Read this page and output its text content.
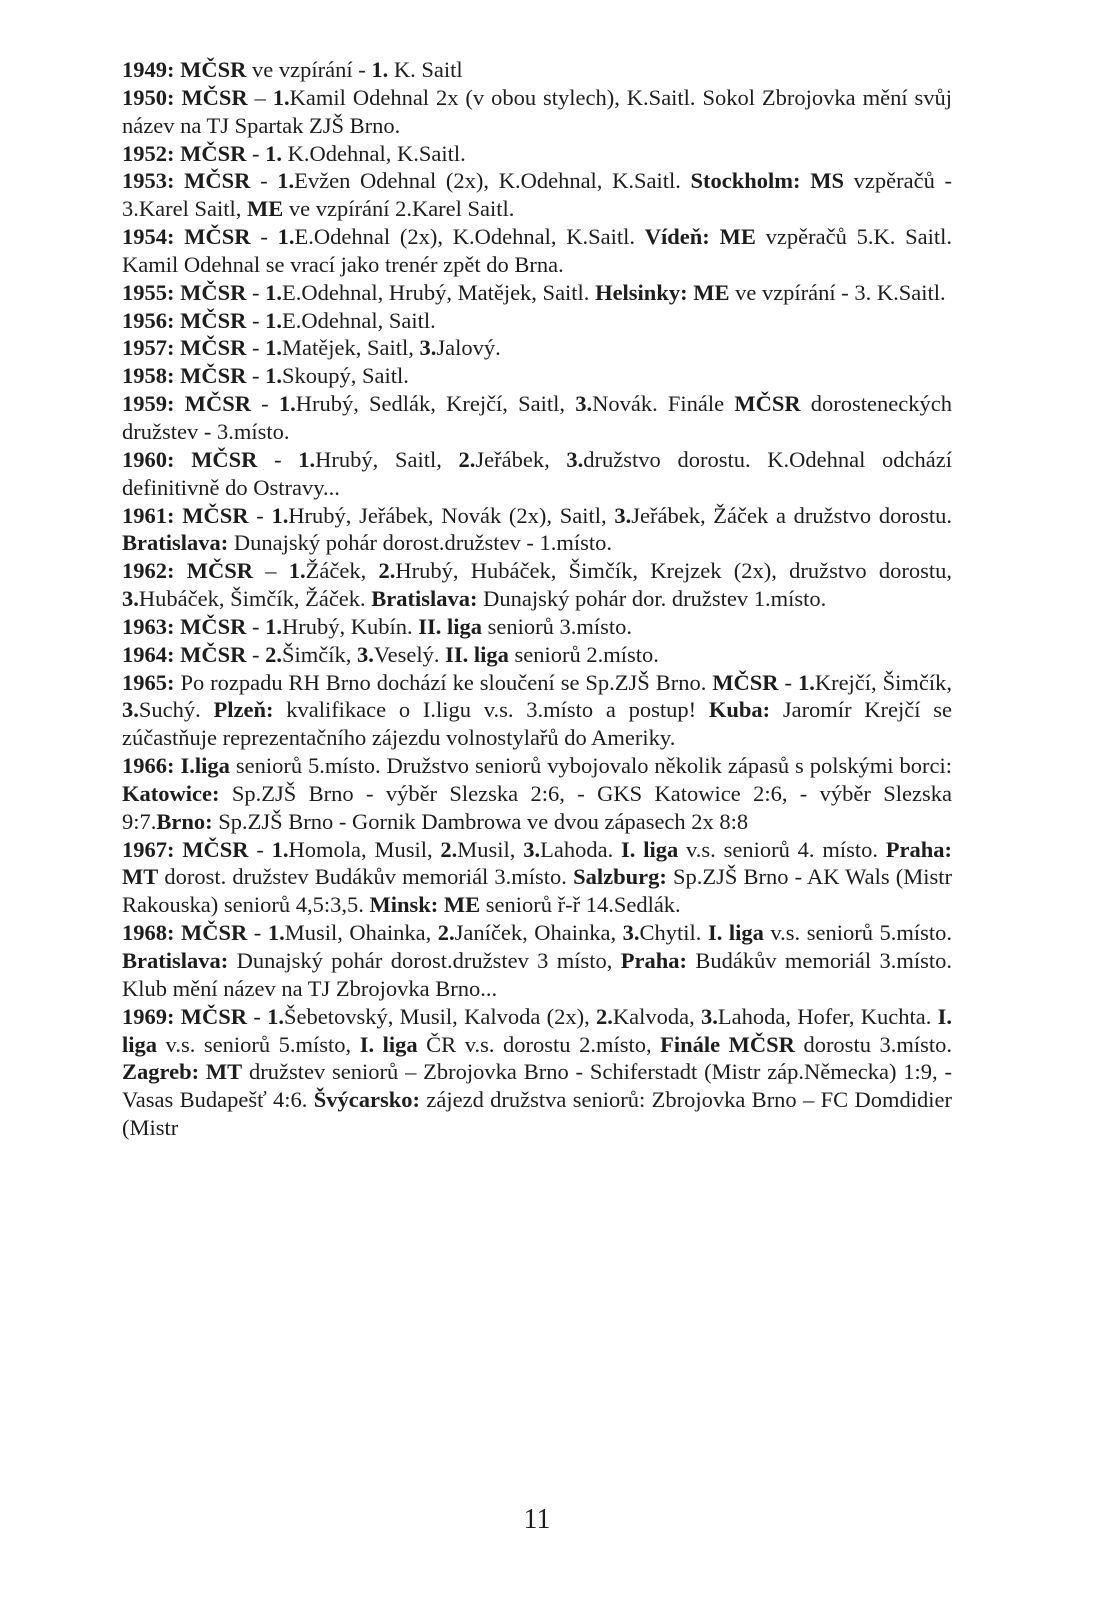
1949: MČSR ve vzpírání - 1. K. Saitl

1950: MČSR – 1.Kamil Odehnal 2x (v obou stylech), K.Saitl. Sokol Zbrojovka mění svůj název na TJ Spartak ZJŠ Brno.

1952: MČSR - 1. K.Odehnal, K.Saitl.

1953: MČSR - 1.Evžen Odehnal (2x), K.Odehnal, K.Saitl. Stockholm: MS vzpěračů - 3.Karel Saitl, ME ve vzpírání 2.Karel Saitl.

1954: MČSR - 1.E.Odehnal (2x), K.Odehnal, K.Saitl. Vídeň: ME vzpěračů 5.K. Saitl. Kamil Odehnal se vrací jako trenér zpět do Brna.

1955: MČSR - 1.E.Odehnal, Hrubý, Matějek, Saitl. Helsinky: ME ve vzpírání - 3. K.Saitl.

1956: MČSR - 1.E.Odehnal, Saitl.

1957: MČSR - 1.Matějek, Saitl, 3.Jalový.

1958: MČSR - 1.Skoupý, Saitl.

1959: MČSR - 1.Hrubý, Sedlák, Krejčí, Saitl, 3.Novák. Finále MČSR dorosteneckých družstev - 3.místo.

1960: MČSR - 1.Hrubý, Saitl, 2.Jeřábek, 3.družstvo dorostu. K.Odehnal odchází definitivně do Ostravy...

1961: MČSR - 1.Hrubý, Jeřábek, Novák (2x), Saitl, 3.Jeřábek, Žáček a družstvo dorostu. Bratislava: Dunajský pohár dorost.družstev - 1.místo.

1962: MČSR – 1.Žáček, 2.Hrubý, Hubáček, Šimčík, Krejzek (2x), družstvo dorostu, 3.Hubáček, Šimčík, Žáček. Bratislava: Dunajský pohár dor. družstev 1.místo.

1963: MČSR - 1.Hrubý, Kubín. II. liga seniorů 3.místo.

1964: MČSR - 2.Šimčík, 3.Veselý. II. liga seniorů 2.místo.

1965: Po rozpadu RH Brno dochází ke sloučení se Sp.ZJŠ Brno. MČSR - 1.Krejčí, Šimčík, 3.Suchý. Plzeň: kvalifikace o I.ligu v.s. 3.místo a postup! Kuba: Jaromír Krejčí se zúčastňuje reprezentačního zájezdu volnostylařů do Ameriky.

1966: I.liga seniorů 5.místo. Družstvo seniorů vybojovalo několik zápasů s polskými borci: Katowice: Sp.ZJŠ Brno - výběr Slezska 2:6, - GKS Katowice 2:6, - výběr Slezska 9:7.Brno: Sp.ZJŠ Brno - Gornik Dambrowa ve dvou zápasech 2x 8:8

1967: MČSR - 1.Homola, Musil, 2.Musil, 3.Lahoda. I. liga v.s. seniorů 4. místo. Praha: MT dorost. družstev Budákův memoriál 3.místo. Salzburg: Sp.ZJŠ Brno - AK Wals (Mistr Rakouska) seniorů 4,5:3,5. Minsk: ME seniorů ř-ř 14.Sedlák.

1968: MČSR - 1.Musil, Ohainka, 2.Janíček, Ohainka, 3.Chytil. I. liga v.s. seniorů 5.místo. Bratislava: Dunajský pohár dorost.družstev 3 místo, Praha: Budákův memoriál 3.místo. Klub mění název na TJ Zbrojovka Brno...

1969: MČSR - 1.Šebetovský, Musil, Kalvoda (2x), 2.Kalvoda, 3.Lahoda, Hofer, Kuchta. I. liga v.s. seniorů 5.místo, I. liga ČR v.s. dorostu 2.místo, Finále MČSR dorostu 3.místo. Zagreb: MT družstev seniorů – Zbrojovka Brno - Schiferstadt (Mistr záp.Německa) 1:9, - Vasas Budapešť 4:6. Švýcarsko: zájezd družstva seniorů: Zbrojovka Brno – FC Domdidier (Mistr

11
